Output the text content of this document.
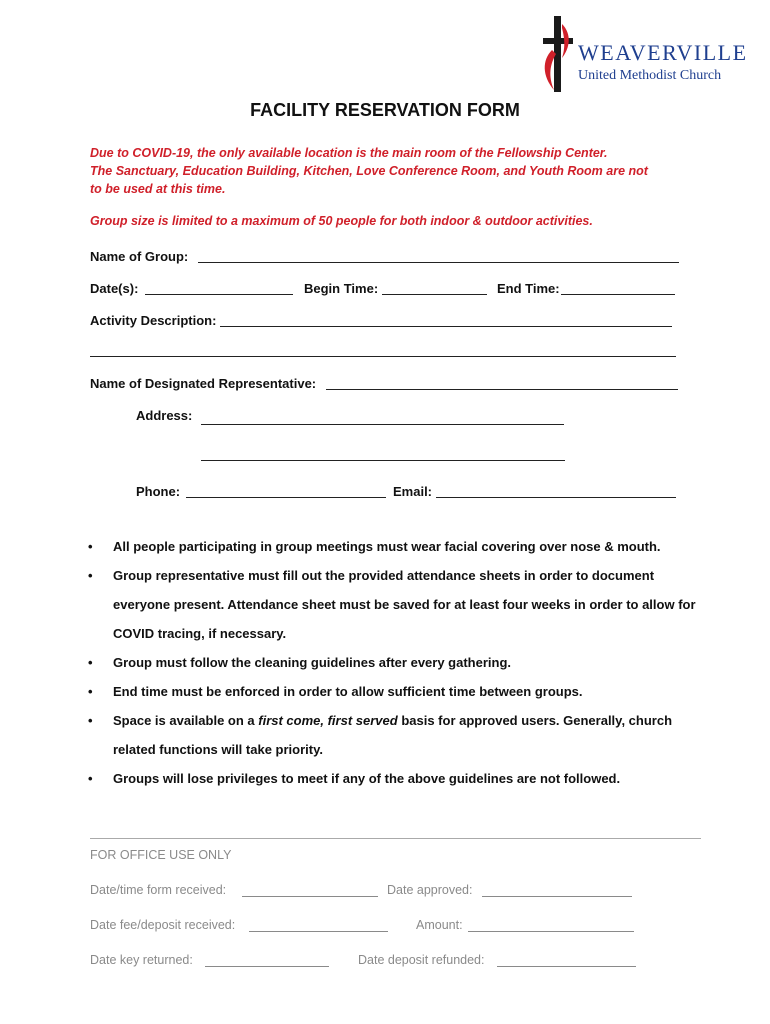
WEAVERVILLE
United Methodist Church
FACILITY RESERVATION FORM
Due to COVID-19, the only available location is the main room of the Fellowship Center.
The Sanctuary, Education Building, Kitchen, Love Conference Room, and Youth Room are not
to be used at this time.
Group size is limited to a maximum of 50 people for both indoor & outdoor activities.
Name of Group:
Date(s):	Begin Time:	End Time:
Activity Description:
Name of Designated Representative:
Address:
Phone:	Email:
• All people participating in group meetings must wear facial covering over nose & mouth.
• Group representative must fill out the provided attendance sheets in order to document everyone present. Attendance sheet must be saved for at least four weeks in order to allow for COVID tracing, if necessary.
• Group must follow the cleaning guidelines after every gathering.
• End time must be enforced in order to allow sufficient time between groups.
• Space is available on a first come, first served basis for approved users. Generally, church related functions will take priority.
• Groups will lose privileges to meet if any of the above guidelines are not followed.
FOR OFFICE USE ONLY
Date/time form received:	Date approved:
Date fee/deposit received:	Amount:
Date key returned:	Date deposit refunded:
